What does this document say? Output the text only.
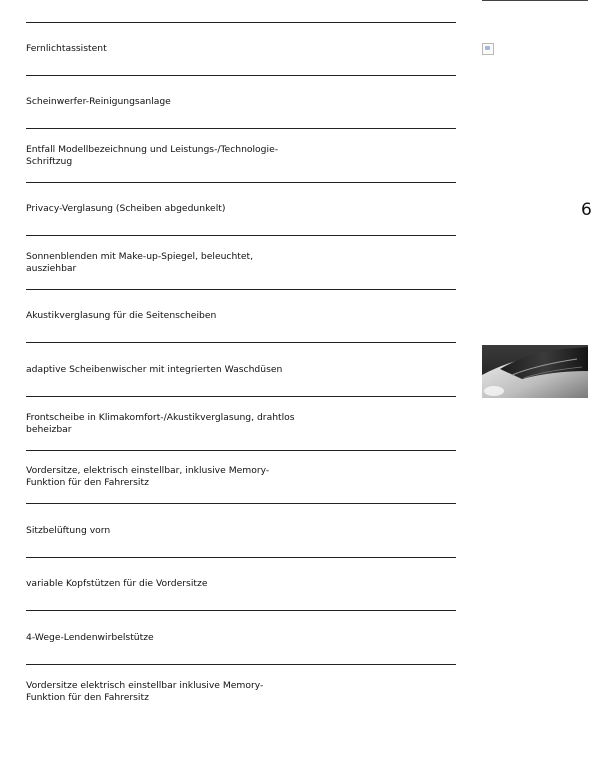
Fernlichtassistent
Scheinwerfer-Reinigungsanlage
Entfall Modellbezeichnung und Leistungs-/Technologie-Schriftzug
Privacy-Verglasung (Scheiben abgedunkelt)
Sonnenblenden mit Make-up-Spiegel, beleuchtet, ausziehbar
Akustikverglasung für die Seitenscheiben
adaptive Scheibenwischer mit integrierten Waschdüsen
Frontscheibe in Klimakomfort-/Akustikverglasung, drahtlos beheizbar
Vordersitze, elektrisch einstellbar, inklusive Memory-Funktion für den Fahrersitz
Sitzbelüftung vorn
variable Kopfstützen für die Vordersitze
4-Wege-Lendenwirbelstütze
Vordersitze elektrisch einstellbar inklusive Memory-Funktion für den Fahrersitz
6
